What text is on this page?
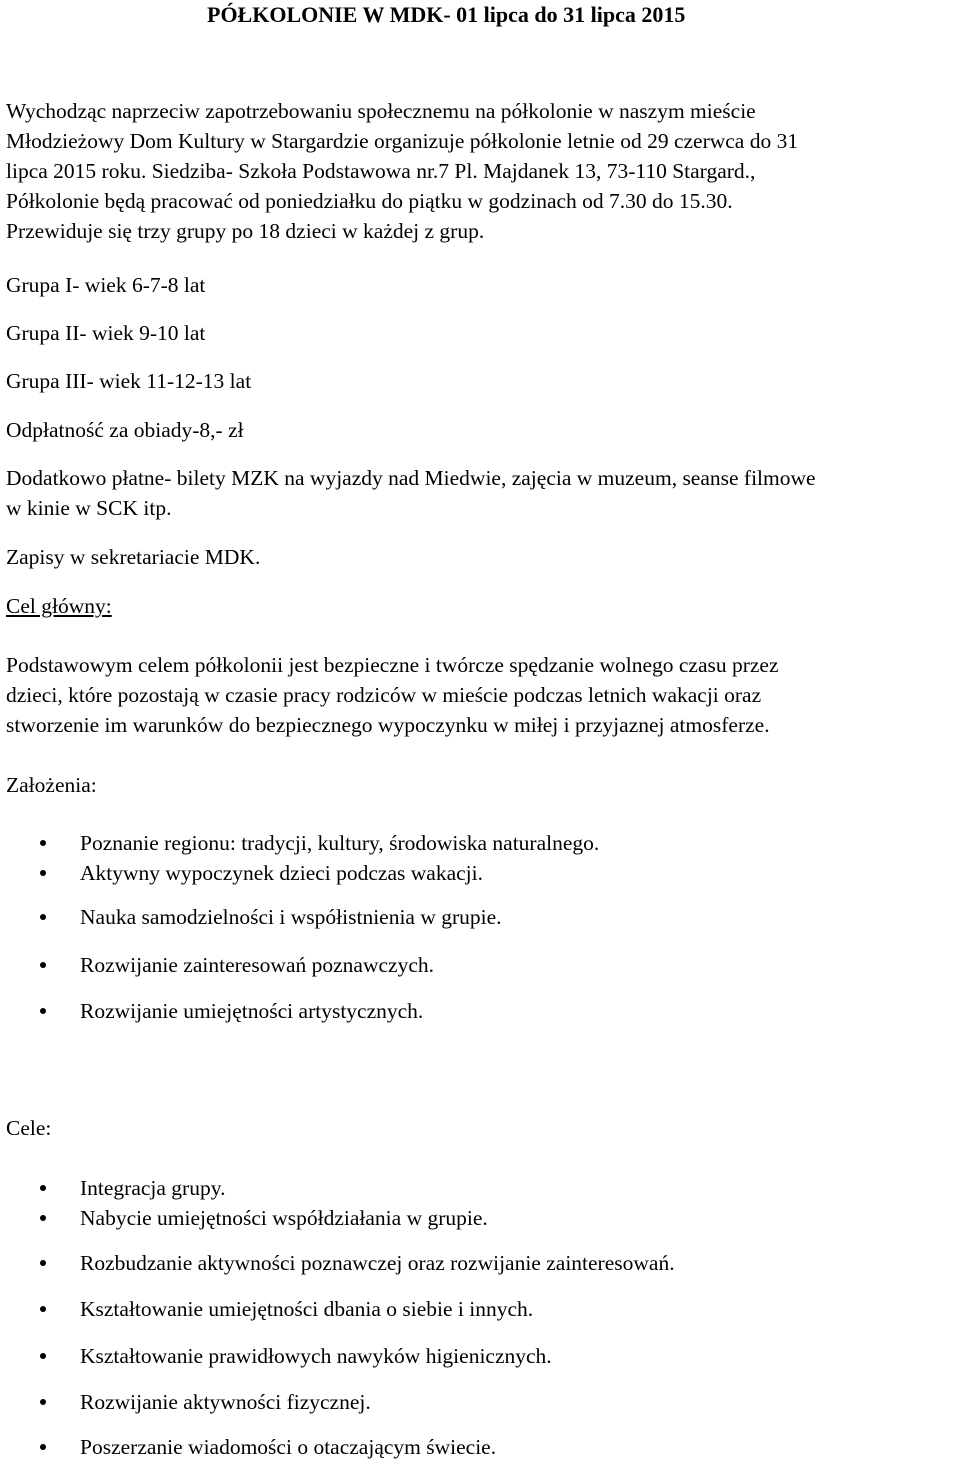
PÓŁKOLONIE W MDK- 01 lipca do 31 lipca 2015
Wychodząc naprzeciw zapotrzebowaniu społecznemu na półkolonie w naszym mieście
Młodzieżowy Dom Kultury w Stargardzie organizuje półkolonie letnie od 29 czerwca do 31
lipca 2015 roku. Siedziba- Szkoła Podstawowa nr.7 Pl. Majdanek 13, 73-110 Stargard.,
Półkolonie będą pracować od poniedziałku do piątku w godzinach od 7.30 do 15.30.
Przewiduje się trzy grupy po 18 dzieci w każdej z grup.
Grupa I- wiek 6-7-8 lat
Grupa II- wiek 9-10 lat
Grupa III- wiek 11-12-13 lat
Odpłatność za obiady-8,- zł
Dodatkowo płatne- bilety MZK na wyjazdy nad Miedwie, zajęcia w muzeum, seanse filmowe
w kinie w SCK itp.
Zapisy w sekretariacie MDK.
Cel główny:
Podstawowym celem półkolonii jest bezpieczne i twórcze spędzanie wolnego czasu przez
dzieci, które pozostają w czasie pracy rodziców w mieście podczas letnich wakacji oraz
stworzenie im warunków do bezpiecznego wypoczynku w miłej i przyjaznej atmosferze.
Założenia:
Poznanie regionu: tradycji, kultury, środowiska naturalnego.
Aktywny wypoczynek dzieci podczas wakacji.
Nauka samodzielności i współistnienia w grupie.
Rozwijanie zainteresowań poznawczych.
Rozwijanie umiejętności artystycznych.
Cele:
Integracja grupy.
Nabycie umiejętności współdziałania w grupie.
Rozbudzanie aktywności poznawczej oraz rozwijanie zainteresowań.
Kształtowanie umiejętności dbania o siebie i innych.
Kształtowanie prawidłowych nawyków higienicznych.
Rozwijanie aktywności fizycznej.
Poszerzanie wiadomości o otaczającym świecie.
